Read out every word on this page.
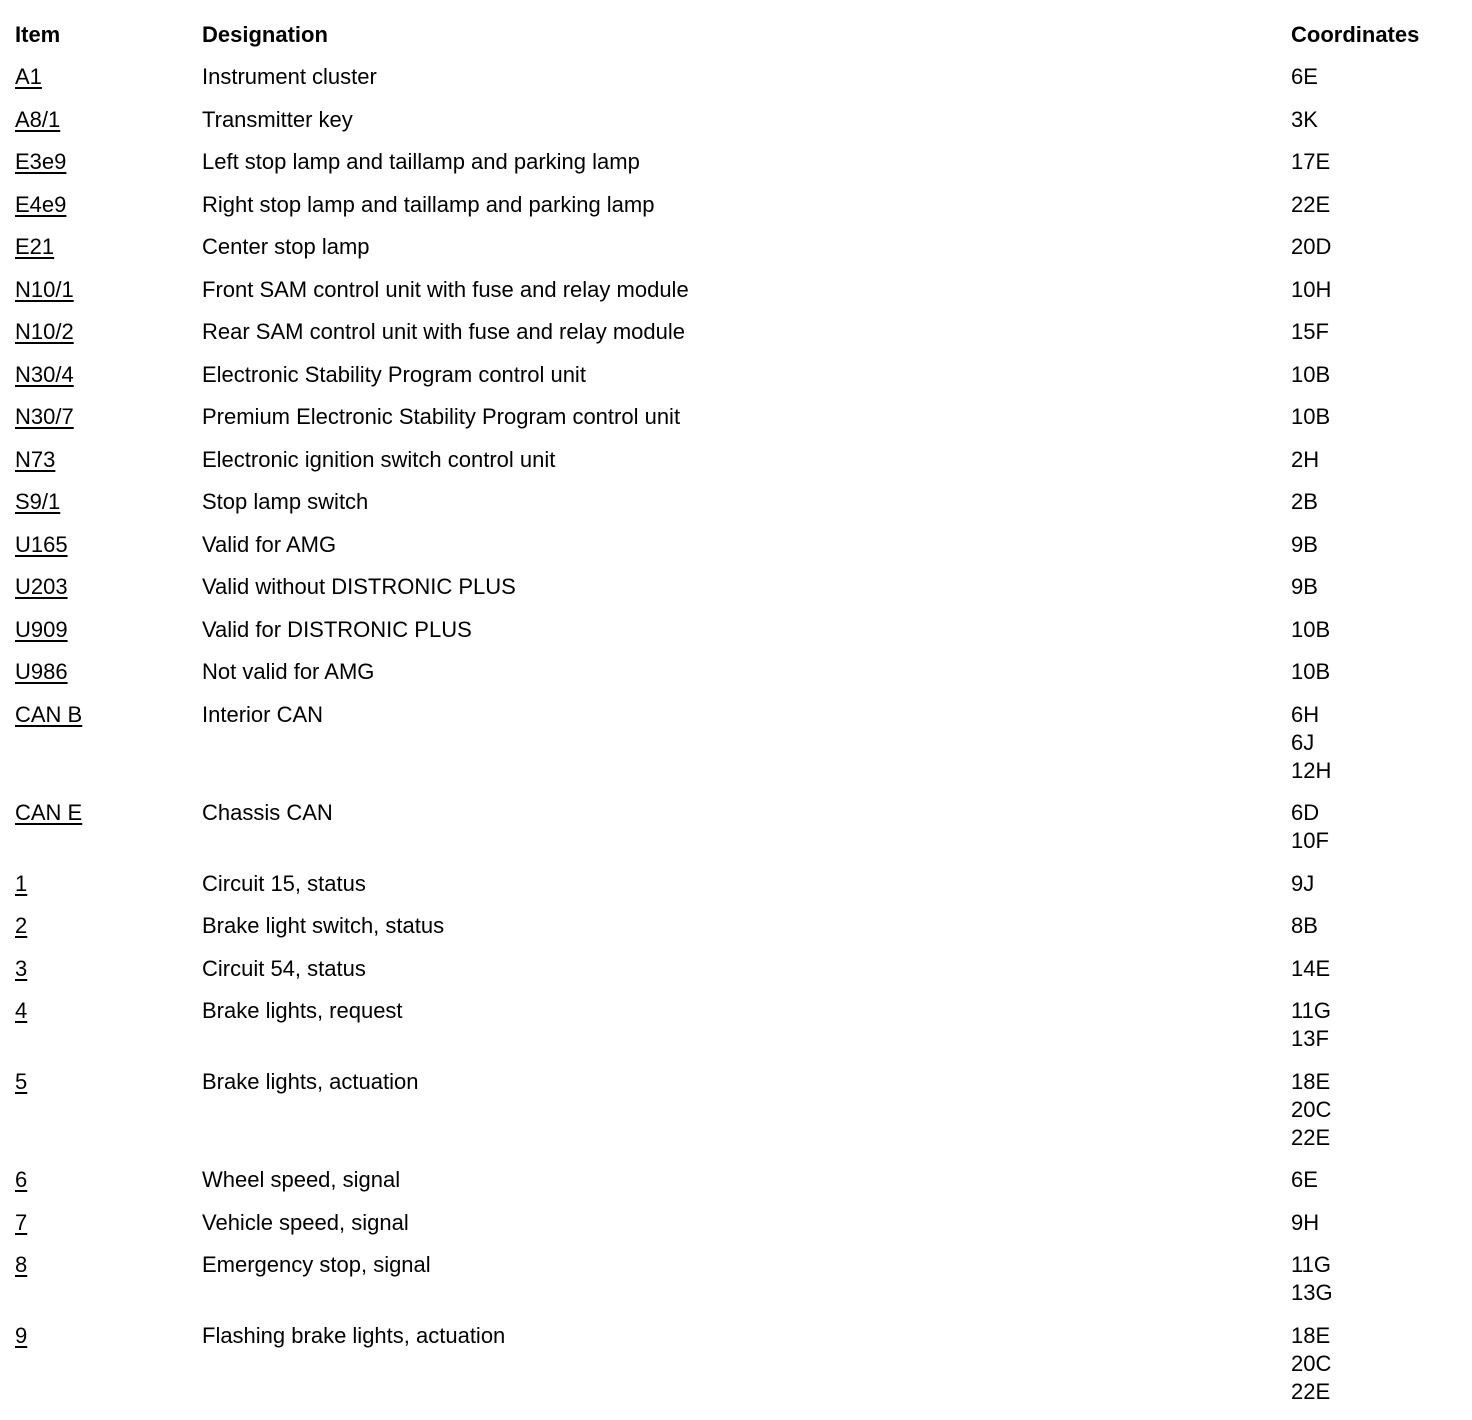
Item	Designation	Coordinates
A1	Instrument cluster	6E
A8/1	Transmitter key	3K
E3e9	Left stop lamp and taillamp and parking lamp	17E
E4e9	Right stop lamp and taillamp and parking lamp	22E
E21	Center stop lamp	20D
N10/1	Front SAM control unit with fuse and relay module	10H
N10/2	Rear SAM control unit with fuse and relay module	15F
N30/4	Electronic Stability Program control unit	10B
N30/7	Premium Electronic Stability Program control unit	10B
N73	Electronic ignition switch control unit	2H
S9/1	Stop lamp switch	2B
U165	Valid for AMG	9B
U203	Valid without DISTRONIC PLUS	9B
U909	Valid for DISTRONIC PLUS	10B
U986	Not valid for AMG	10B
CAN B	Interior CAN	6H
6J
12H
CAN E	Chassis CAN	6D
10F
1	Circuit 15, status	9J
2	Brake light switch, status	8B
3	Circuit 54, status	14E
4	Brake lights, request	11G
13F
5	Brake lights, actuation	18E
20C
22E
6	Wheel speed, signal	6E
7	Vehicle speed, signal	9H
8	Emergency stop, signal	11G
13G
9	Flashing brake lights, actuation	18E
20C
22E
